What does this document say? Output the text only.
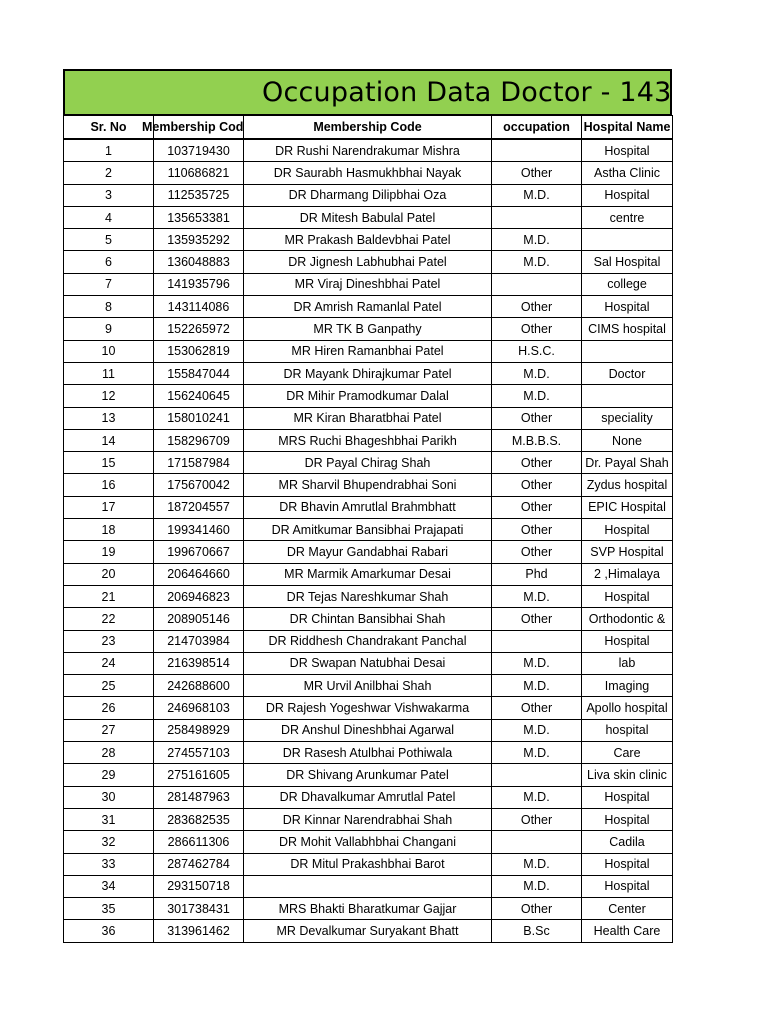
Occupation Data Doctor - 143
Sr. No	Membership Cod	Membership Code	occupation	Hospital Name
1	103719430	DR Rushi Narendrakumar Mishra		Hospital
2	110686821	DR Saurabh Hasmukhbhai Nayak	Other	Astha Clinic
3	112535725	DR Dharmang Dilipbhai Oza	M.D.	Hospital
4	135653381	DR Mitesh Babulal Patel		centre
5	135935292	MR Prakash Baldevbhai Patel	M.D.	
6	136048883	DR Jignesh Labhubhai Patel	M.D.	Sal Hospital
7	141935796	MR Viraj Dineshbhai Patel		college
8	143114086	DR Amrish Ramanlal Patel	Other	Hospital
9	152265972	MR TK B Ganpathy	Other	CIMS hospital
10	153062819	MR Hiren Ramanbhai Patel	H.S.C.	
11	155847044	DR Mayank Dhirajkumar Patel	M.D.	Doctor
12	156240645	DR Mihir Pramodkumar Dalal	M.D.	
13	158010241	MR Kiran Bharatbhai Patel	Other	speciality
14	158296709	MRS Ruchi Bhageshbhai Parikh	M.B.B.S.	None
15	171587984	DR Payal Chirag Shah	Other	Dr. Payal Shah
16	175670042	MR Sharvil Bhupendrabhai Soni	Other	Zydus hospital
17	187204557	DR Bhavin Amrutlal Brahmbhatt	Other	EPIC Hospital
18	199341460	DR Amitkumar Bansibhai Prajapati	Other	Hospital
19	199670667	DR Mayur Gandabhai Rabari	Other	SVP Hospital
20	206464660	MR Marmik Amarkumar Desai	Phd	2 ,Himalaya
21	206946823	DR Tejas Nareshkumar Shah	M.D.	Hospital
22	208905146	DR Chintan Bansibhai Shah	Other	Orthodontic &
23	214703984	DR Riddhesh Chandrakant Panchal		Hospital
24	216398514	DR Swapan Natubhai Desai	M.D.	lab
25	242688600	MR Urvil Anilbhai Shah	M.D.	Imaging
26	246968103	DR Rajesh Yogeshwar Vishwakarma	Other	Apollo hospital
27	258498929	DR Anshul Dineshbhai Agarwal	M.D.	hospital
28	274557103	DR Rasesh Atulbhai Pothiwala	M.D.	Care
29	275161605	DR Shivang Arunkumar Patel		Liva skin clinic
30	281487963	DR Dhavalkumar Amrutlal Patel	M.D.	Hospital
31	283682535	DR Kinnar Narendrabhai Shah	Other	Hospital
32	286611306	DR Mohit Vallabhbhai Changani		Cadila
33	287462784	DR Mitul Prakashbhai Barot	M.D.	Hospital
34	293150718		M.D.	Hospital
35	301738431	MRS Bhakti Bharatkumar Gajjar	Other	Center
36	313961462	MR Devalkumar Suryakant Bhatt	B.Sc	Health Care
